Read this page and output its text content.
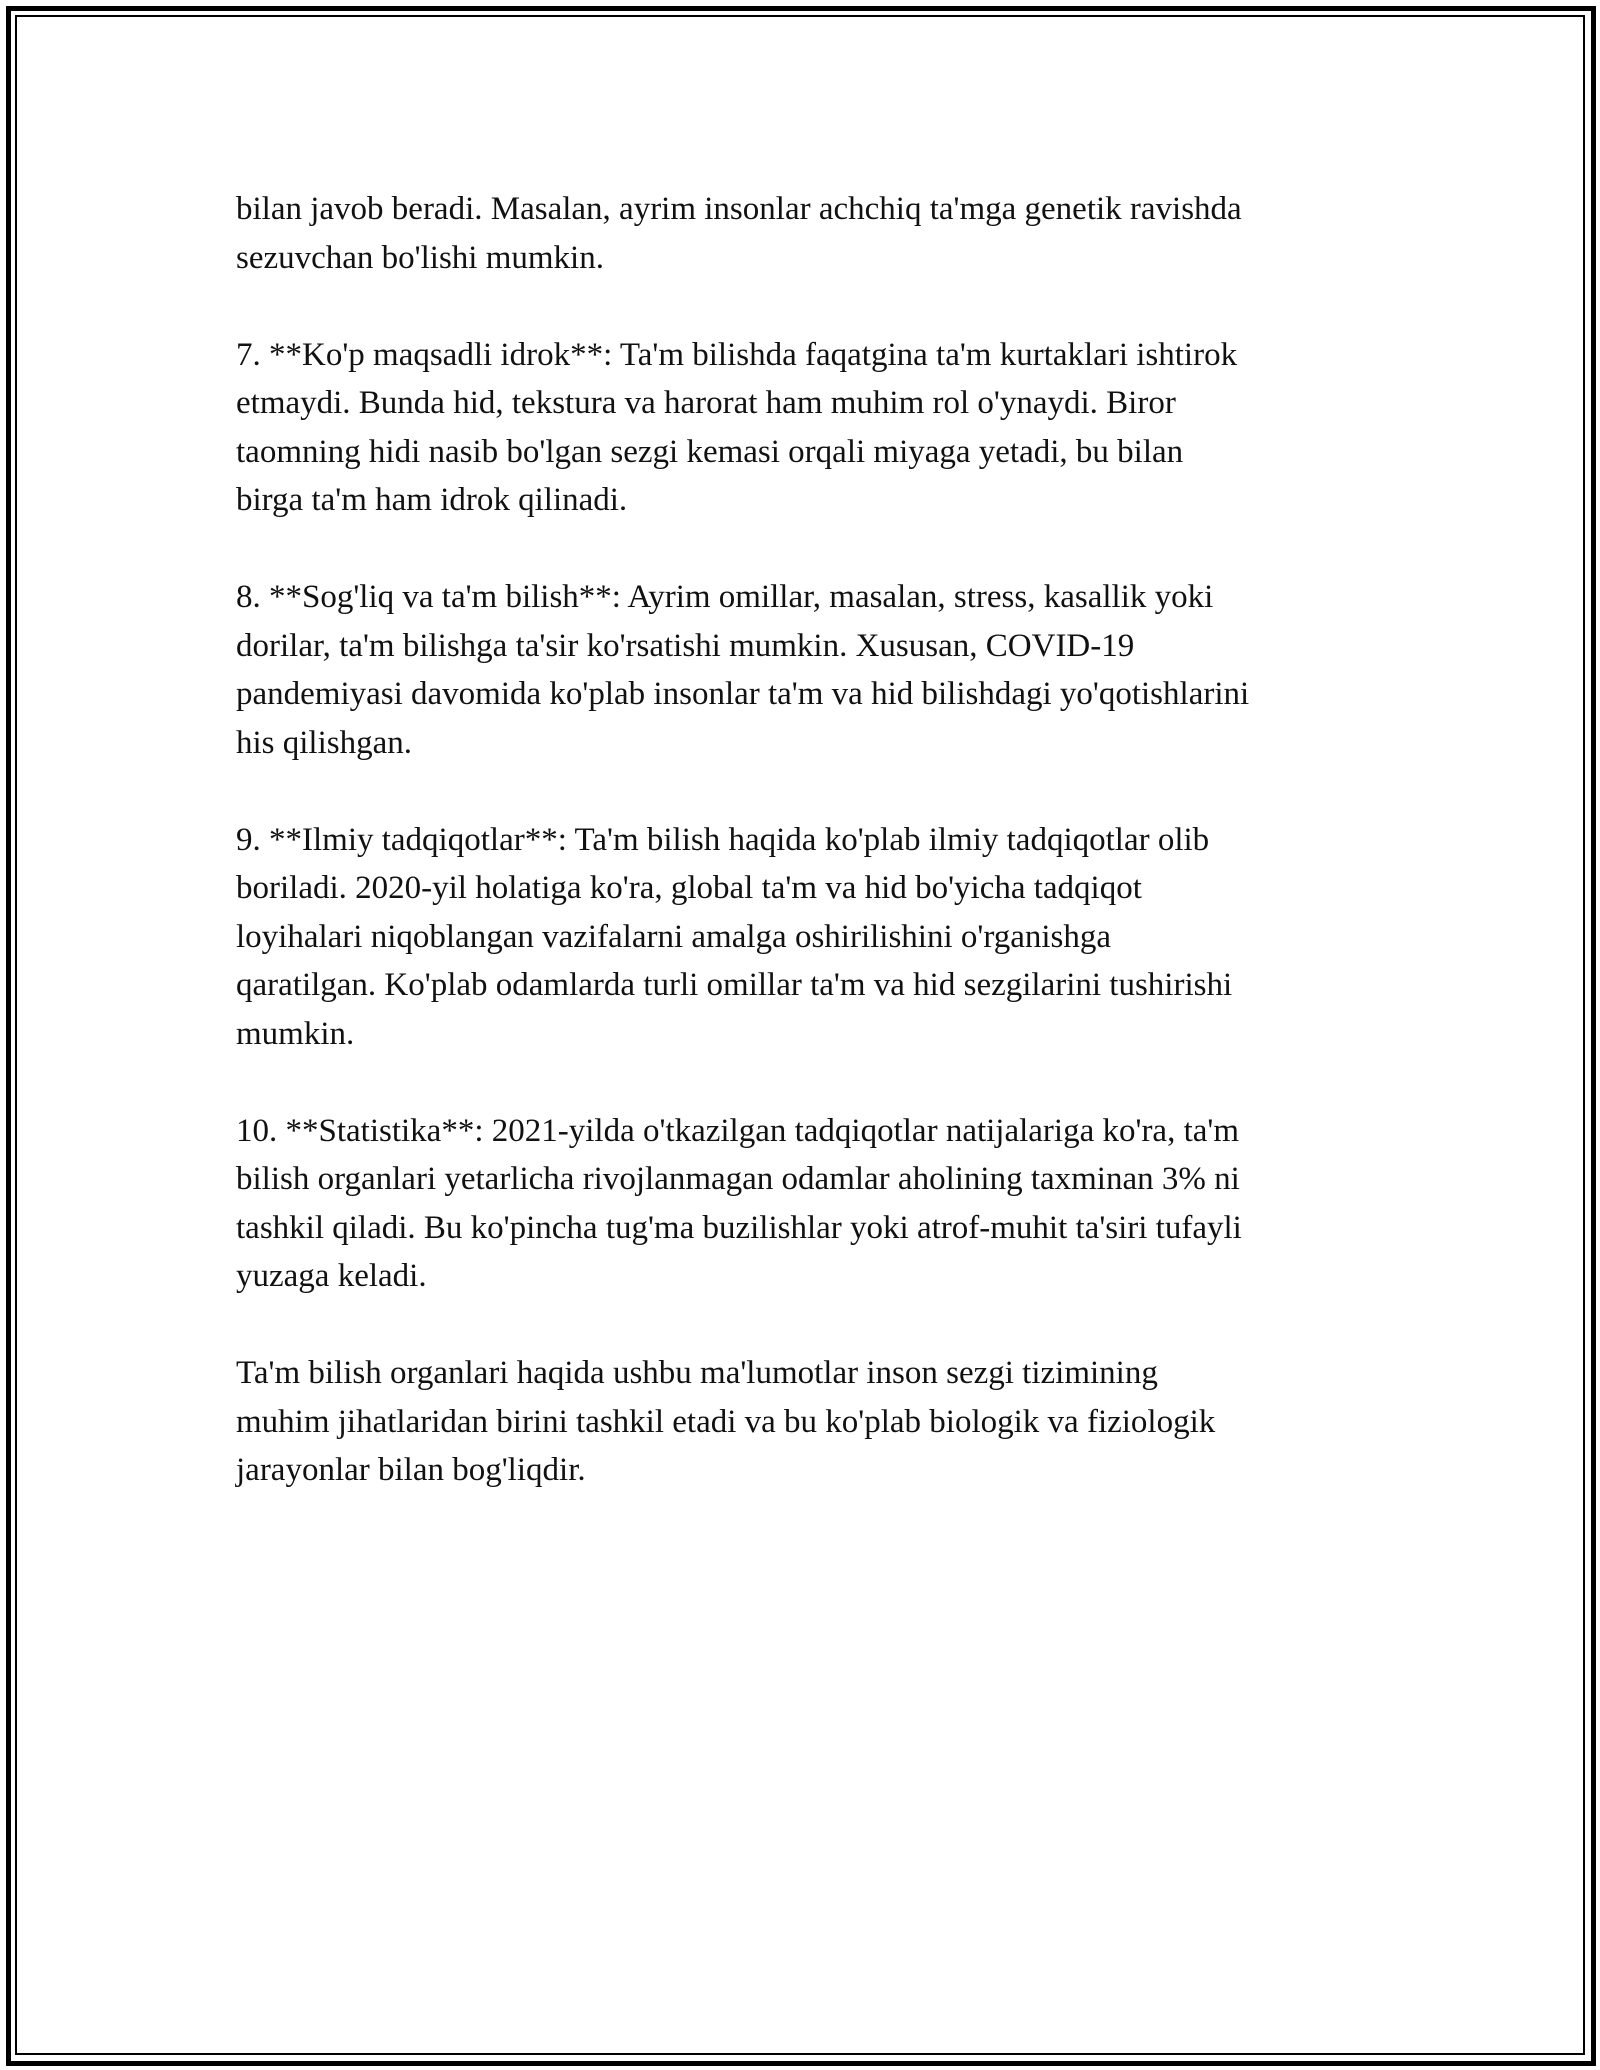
bilan javob beradi. Masalan, ayrim insonlar achchiq ta'mga genetik ravishda
sezuvchan bo'lishi mumkin.

7. **Ko'p maqsadli idrok**: Ta'm bilishda faqatgina ta'm kurtaklari ishtirok
etmaydi. Bunda hid, tekstura va harorat ham muhim rol o'ynaydi. Biror
taomning hidi nasib bo'lgan sezgi kemasi orqali miyaga yetadi, bu bilan
birga ta'm ham idrok qilinadi.

8. **Sog'liq va ta'm bilish**: Ayrim omillar, masalan, stress, kasallik yoki
dorilar, ta'm bilishga ta'sir ko'rsatishi mumkin. Xususan, COVID-19
pandemiyasi davomida ko'plab insonlar ta'm va hid bilishdagi yo'qotishlarini
his qilishgan.

9. **Ilmiy tadqiqotlar**: Ta'm bilish haqida ko'plab ilmiy tadqiqotlar olib
boriladi. 2020-yil holatiga ko'ra, global ta'm va hid bo'yicha tadqiqot
loyihalari niqoblangan vazifalarni amalga oshirilishini o'rganishga
qaratilgan. Ko'plab odamlarda turli omillar ta'm va hid sezgilarini tushirishi
mumkin.

10. **Statistika**: 2021-yilda o'tkazilgan tadqiqotlar natijalariga ko'ra, ta'm
bilish organlari yetarlicha rivojlanmagan odamlar aholining taxminan 3% ni
tashkil qiladi. Bu ko'pincha tug'ma buzilishlar yoki atrof-muhit ta'siri tufayli
yuzaga keladi.

Ta'm bilish organlari haqida ushbu ma'lumotlar inson sezgi tizimining
muhim jihatlaridan birini tashkil etadi va bu ko'plab biologik va fiziologik
jarayonlar bilan bog'liqdir.
